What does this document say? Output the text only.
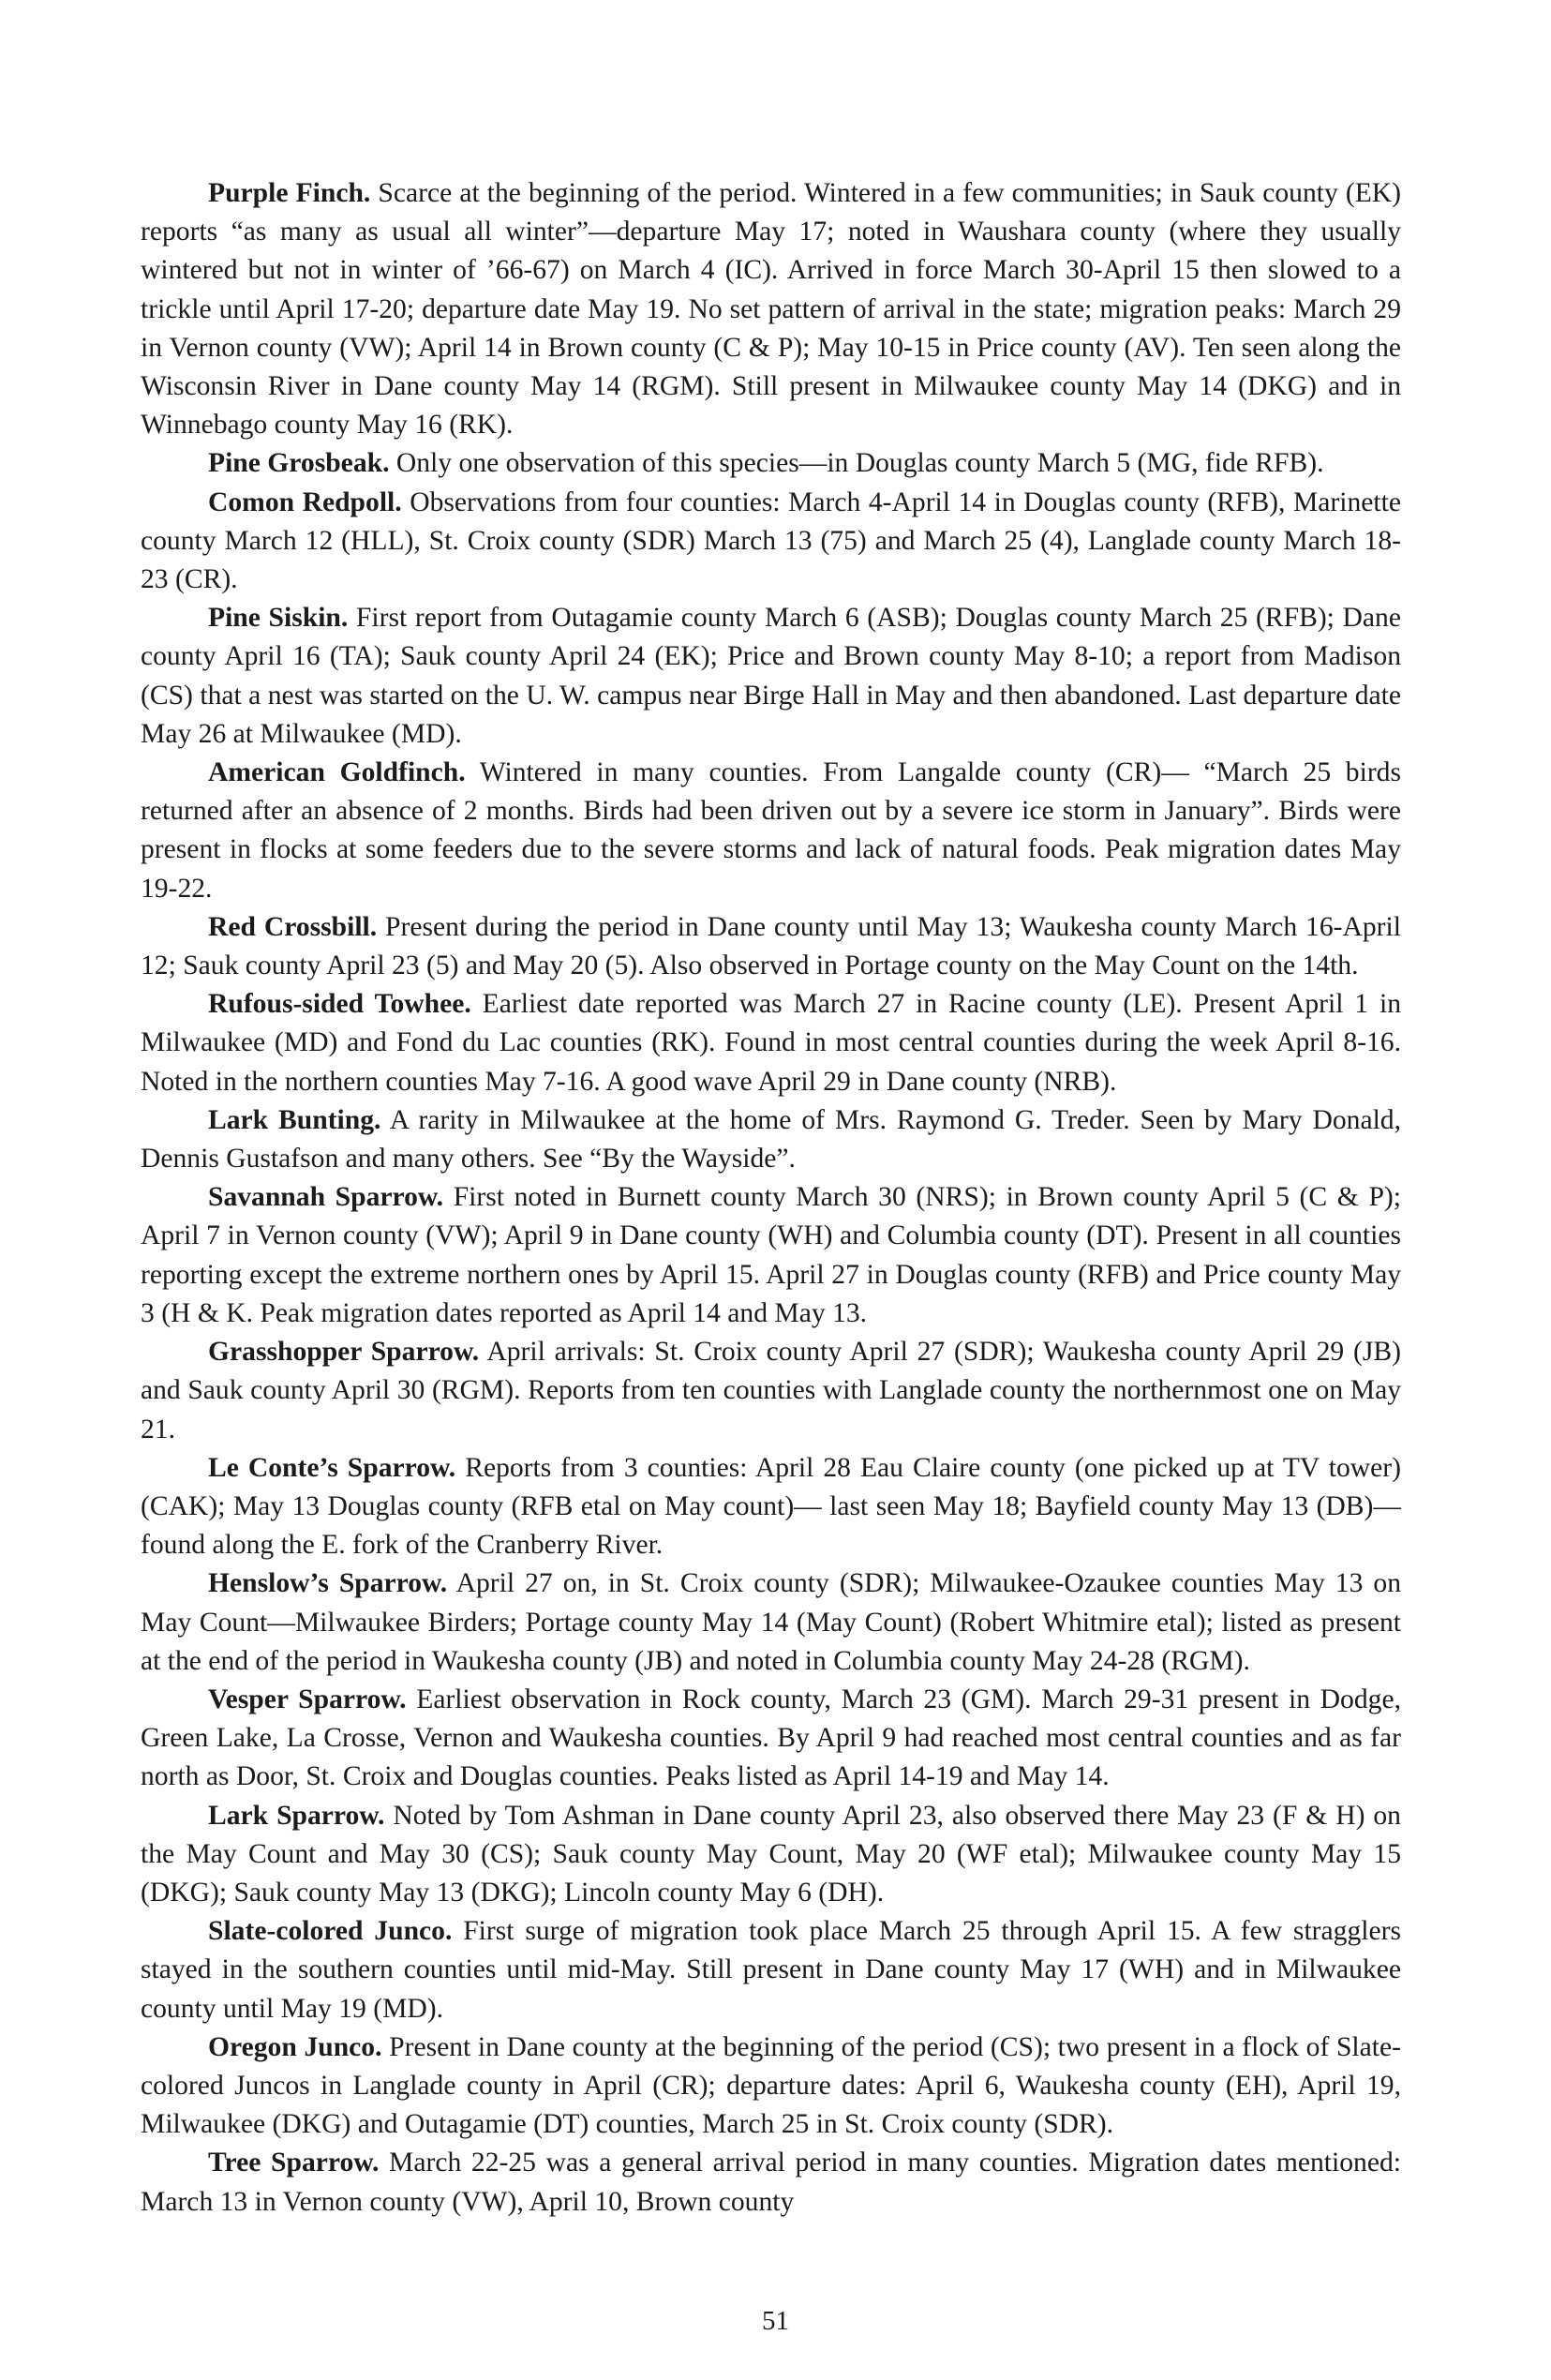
Purple Finch. Scarce at the beginning of the period. Wintered in a few communities; in Sauk county (EK) reports “as many as usual all winter”—departure May 17; noted in Waushara county (where they usually wintered but not in winter of ’66-67) on March 4 (IC). Arrived in force March 30-April 15 then slowed to a trickle until April 17-20; departure date May 19. No set pattern of arrival in the state; migration peaks: March 29 in Vernon county (VW); April 14 in Brown county (C & P); May 10-15 in Price county (AV). Ten seen along the Wisconsin River in Dane county May 14 (RGM). Still present in Milwaukee county May 14 (DKG) and in Winnebago county May 16 (RK).

Pine Grosbeak. Only one observation of this species—in Douglas county March 5 (MG, fide RFB).

Comon Redpoll. Observations from four counties: March 4-April 14 in Douglas county (RFB), Marinette county March 12 (HLL), St. Croix county (SDR) March 13 (75) and March 25 (4), Langlade county March 18-23 (CR).

Pine Siskin. First report from Outagamie county March 6 (ASB); Douglas county March 25 (RFB); Dane county April 16 (TA); Sauk county April 24 (EK); Price and Brown county May 8-10; a report from Madison (CS) that a nest was started on the U. W. campus near Birge Hall in May and then abandoned. Last departure date May 26 at Milwaukee (MD).

American Goldfinch. Wintered in many counties. From Langalde county (CR)— “March 25 birds returned after an absence of 2 months. Birds had been driven out by a severe ice storm in January”. Birds were present in flocks at some feeders due to the severe storms and lack of natural foods. Peak migration dates May 19-22.

Red Crossbill. Present during the period in Dane county until May 13; Waukesha county March 16-April 12; Sauk county April 23 (5) and May 20 (5). Also observed in Portage county on the May Count on the 14th.

Rufous-sided Towhee. Earliest date reported was March 27 in Racine county (LE). Present April 1 in Milwaukee (MD) and Fond du Lac counties (RK). Found in most central counties during the week April 8-16. Noted in the northern counties May 7-16. A good wave April 29 in Dane county (NRB).

Lark Bunting. A rarity in Milwaukee at the home of Mrs. Raymond G. Treder. Seen by Mary Donald, Dennis Gustafson and many others. See “By the Wayside”.

Savannah Sparrow. First noted in Burnett county March 30 (NRS); in Brown county April 5 (C & P); April 7 in Vernon county (VW); April 9 in Dane county (WH) and Columbia county (DT). Present in all counties reporting except the extreme northern ones by April 15. April 27 in Douglas county (RFB) and Price county May 3 (H & K. Peak migration dates reported as April 14 and May 13.

Grasshopper Sparrow. April arrivals: St. Croix county April 27 (SDR); Waukesha county April 29 (JB) and Sauk county April 30 (RGM). Reports from ten counties with Langlade county the northernmost one on May 21.

Le Conte’s Sparrow. Reports from 3 counties: April 28 Eau Claire county (one picked up at TV tower) (CAK); May 13 Douglas county (RFB etal on May count)— last seen May 18; Bayfield county May 13 (DB)—found along the E. fork of the Cranberry River.

Henslow’s Sparrow. April 27 on, in St. Croix county (SDR); Milwaukee-Ozaukee counties May 13 on May Count—Milwaukee Birders; Portage county May 14 (May Count) (Robert Whitmire etal); listed as present at the end of the period in Waukesha county (JB) and noted in Columbia county May 24-28 (RGM).

Vesper Sparrow. Earliest observation in Rock county, March 23 (GM). March 29-31 present in Dodge, Green Lake, La Crosse, Vernon and Waukesha counties. By April 9 had reached most central counties and as far north as Door, St. Croix and Douglas counties. Peaks listed as April 14-19 and May 14.

Lark Sparrow. Noted by Tom Ashman in Dane county April 23, also observed there May 23 (F & H) on the May Count and May 30 (CS); Sauk county May Count, May 20 (WF etal); Milwaukee county May 15 (DKG); Sauk county May 13 (DKG); Lincoln county May 6 (DH).

Slate-colored Junco. First surge of migration took place March 25 through April 15. A few stragglers stayed in the southern counties until mid-May. Still present in Dane county May 17 (WH) and in Milwaukee county until May 19 (MD).

Oregon Junco. Present in Dane county at the beginning of the period (CS); two present in a flock of Slate-colored Juncos in Langlade county in April (CR); departure dates: April 6, Waukesha county (EH), April 19, Milwaukee (DKG) and Outagamie (DT) counties, March 25 in St. Croix county (SDR).

Tree Sparrow. March 22-25 was a general arrival period in many counties. Migration dates mentioned: March 13 in Vernon county (VW), April 10, Brown county

51
